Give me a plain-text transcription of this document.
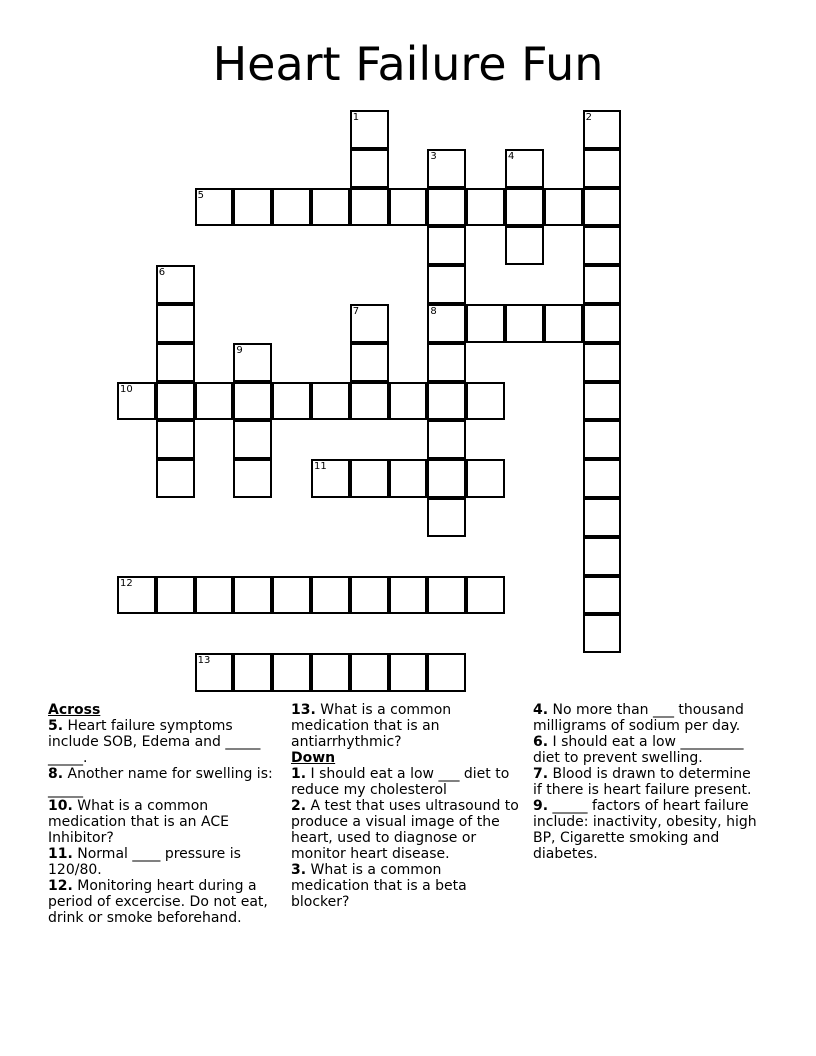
Heart Failure Fun
1	2
3	4
5
6
7	8
9
10
11
12
13
Across
5. Heart failure symptoms include SOB, Edema and _____ _____.
8. Another name for swelling is: _____
10. What is a common medication that is an ACE Inhibitor?
11. Normal ____ pressure is 120/80.
12. Monitoring heart during a period of excercise. Do not eat, drink or smoke beforehand.
13. What is a common medication that is an antiarrhythmic?
Down
1. I should eat a low ___ diet to reduce my cholesterol
2. A test that uses ultrasound to produce a visual image of the heart, used to diagnose or monitor heart disease.
3. What is a common medication that is a beta blocker?
4. No more than ___ thousand milligrams of sodium per day.
6. I should eat a low _________ diet to prevent swelling.
7. Blood is drawn to determine if there is heart failure present.
9. _____ factors of heart failure include: inactivity, obesity, high BP, Cigarette smoking and diabetes.
